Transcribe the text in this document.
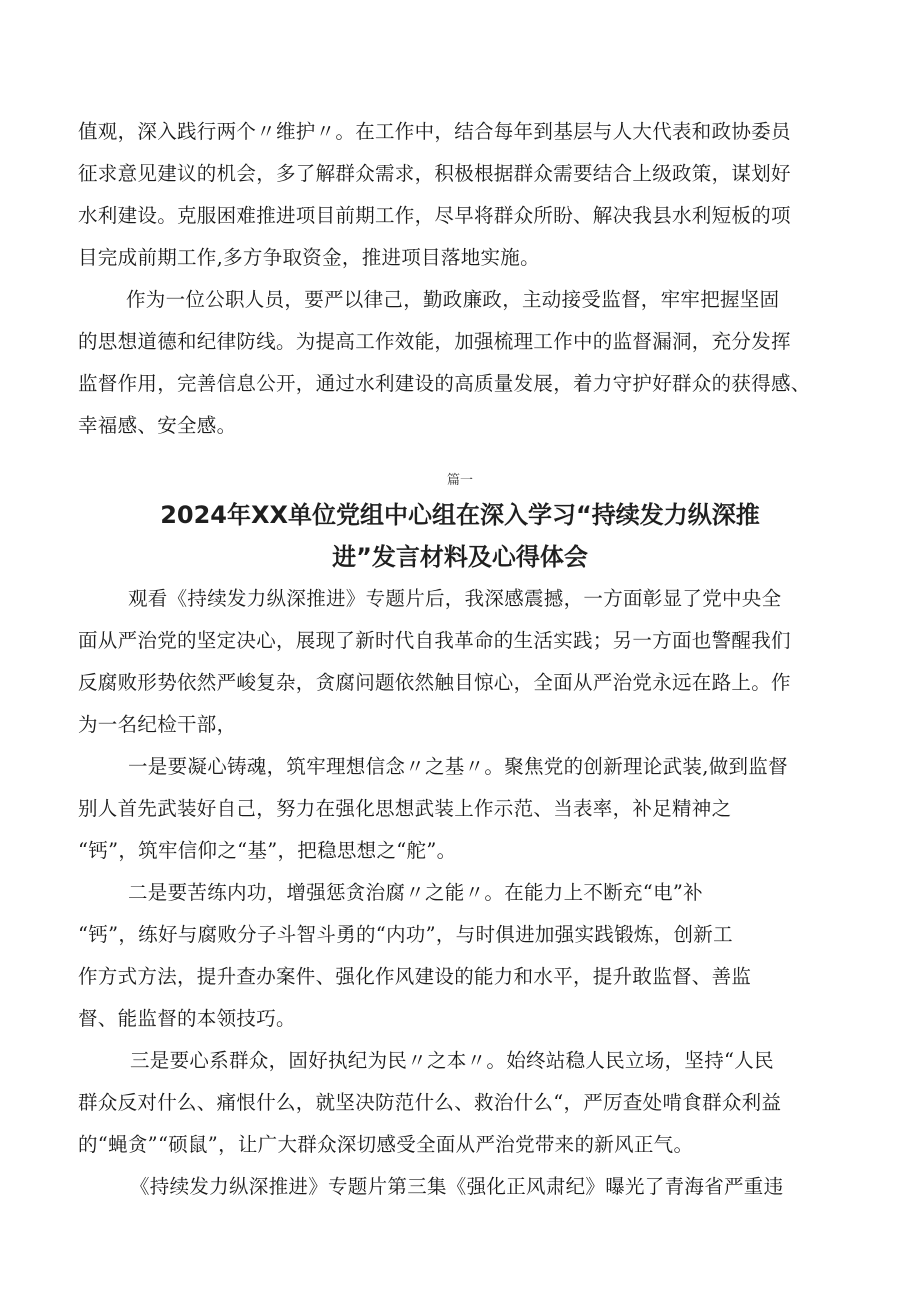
值观，深入践行两个〃维护〃。在工作中，结合每年到基层与人大代表和政协委员
征求意见建议的机会，多了解群众需求，积极根据群众需要结合上级政策，谋划好
水利建设。克服困难推进项目前期工作，尽早将群众所盼、解决我县水利短板的项
目完成前期工作,多方争取资金，推进项目落地实施。
作为一位公职人员，要严以律己，勤政廉政，主动接受监督，牢牢把握坚固
的思想道德和纪律防线。为提高工作效能，加强梳理工作中的监督漏洞，充分发挥
监督作用，完善信息公开，通过水利建设的高质量发展，着力守护好群众的获得感、
幸福感、安全感。
篇一
2024年XX单位党组中心组在深入学习“持续发力纵深推
进”发言材料及心得体会
观看《持续发力纵深推进》专题片后，我深感震撼，一方面彰显了党中央全
面从严治党的坚定决心，展现了新时代自我革命的生活实践；另一方面也警醒我们
反腐败形势依然严峻复杂，贪腐问题依然触目惊心，全面从严治党永远在路上。作
为一名纪检干部，
一是要凝心铸魂，筑牢理想信念〃之基〃。聚焦党的创新理论武装,做到监督
别人首先武装好自己，努力在强化思想武装上作示范、当表率，补足精神之
“钙”，筑牢信仰之“基”，把稳思想之“舵”。
二是要苦练内功，增强惩贪治腐〃之能〃。在能力上不断充“电”补
“钙”，练好与腐败分子斗智斗勇的“内功”，与时俱进加强实践锻炼，创新工
作方式方法，提升查办案件、强化作风建设的能力和水平，提升敢监督、善监
督、能监督的本领技巧。
三是要心系群众，固好执纪为民〃之本〃。始终站稳人民立场，坚持“人民
群众反对什么、痛恨什么，就坚决防范什么、救治什么“，严厉查处啃食群众利益
的“蝇贪”“硕鼠”，让广大群众深切感受全面从严治党带来的新风正气。
《持续发力纵深推进》专题片第三集《强化正风肃纪》曝光了青海省严重违
